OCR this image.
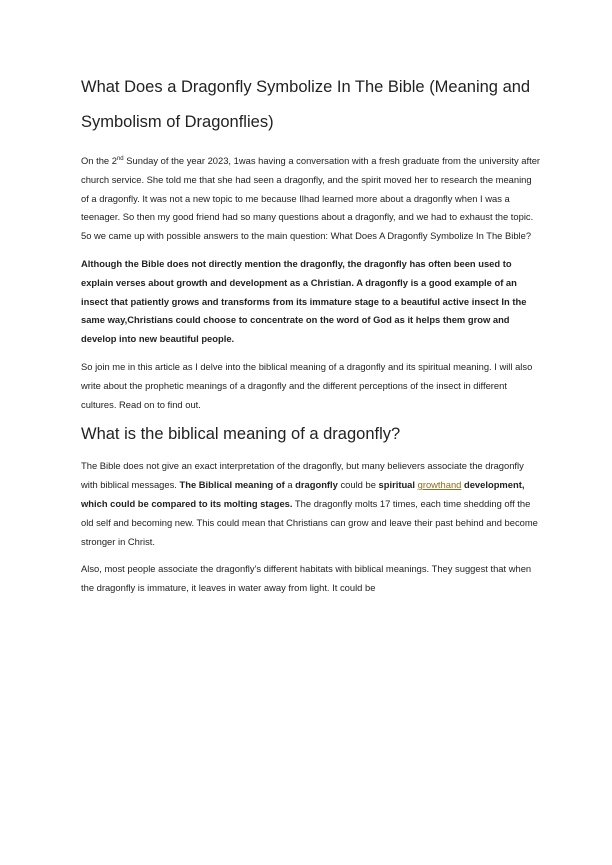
What Does a Dragonfly Symbolize In The Bible (Meaning and Symbolism of Dragonflies)

On the 2nd Sunday of the year 2023, 1was having a conversation with a fresh graduate from the university after church service. She told me that she had seen a dragonfly, and the spirit moved her to research the meaning of a dragonfly. It was not a new topic to me because Ilhad learned more about a dragonfly when I was a teenager. So then my good friend had so many questions about a dragonfly, and we had to exhaust the topic. 5o we came up with possible answers to the main question: What Does A Dragonfly Symbolize In The Bible?

Although the Bible does not directly mention the dragonfly, the dragonfly has often been used to explain verses about growth and development as a Christian. A dragonfly is a good example of an insect that patiently grows and transforms from its immature stage to a beautiful active insect In the same way,Christians could choose to concentrate on the word of God as it helps them grow and develop into new beautiful people.

So join me in this article as I delve into the biblical meaning of a dragonfly and its spiritual meaning. I will also write about the prophetic meanings of a dragonfly and the different perceptions of the insect in different cultures. Read on to find out.

What is the biblical meaning of a dragonfly?

The Bible does not give an exact interpretation of the dragonfly, but many believers associate the dragonfly with biblical messages. The Biblical meaning of a dragonfly could be spiritual growthand development, which could be compared to its molting stages. The dragonfly molts 17 times, each time shedding off the old self and becoming new. This could mean that Christians can grow and leave their past behind and become stronger in Christ.

Also, most people associate the dragonfly's different habitats with biblical meanings. They suggest that when the dragonfly is immature, it leaves in water away from light. It could be
